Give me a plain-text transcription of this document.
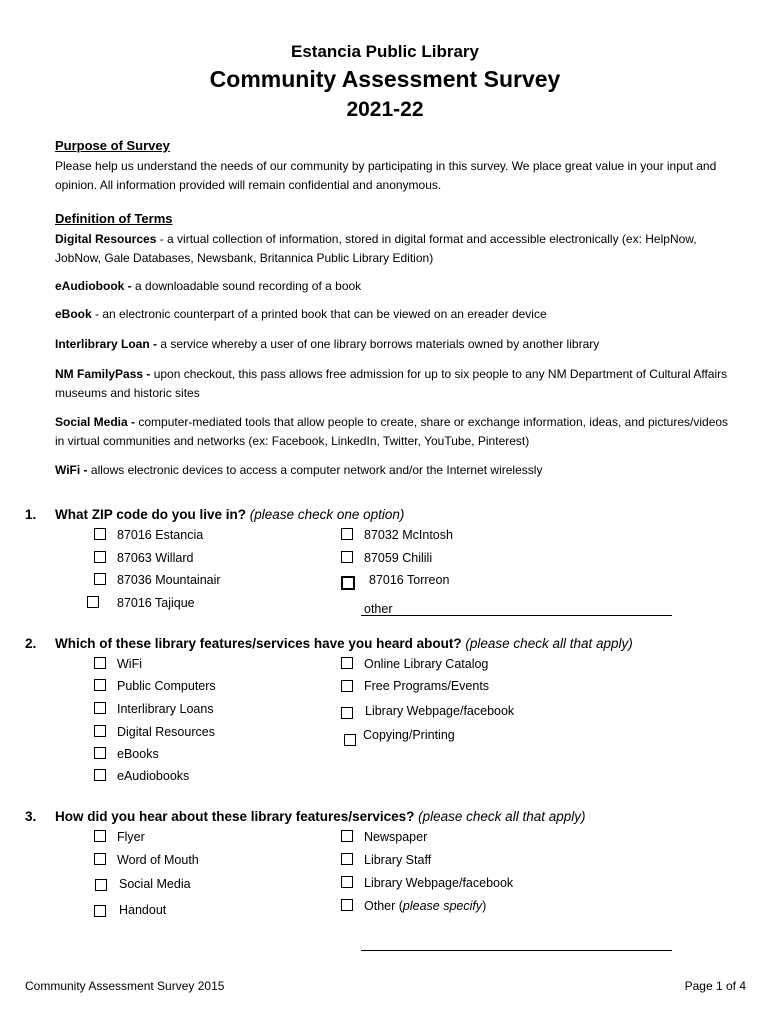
Estancia Public Library
Community Assessment Survey
2021-22
Purpose of Survey
Please help us understand the needs of our community by participating in this survey. We place great value in your input and opinion. All information provided will remain confidential and anonymous.
Definition of Terms
Digital Resources - a virtual collection of information, stored in digital format and accessible electronically (ex: HelpNow, JobNow, Gale Databases, Newsbank, Britannica Public Library Edition)
eAudiobook - a downloadable sound recording of a book
eBook - an electronic counterpart of a printed book that can be viewed on an ereader device
Interlibrary Loan - a service whereby a user of one library borrows materials owned by another library
NM FamilyPass - upon checkout, this pass allows free admission for up to six people to any NM Department of Cultural Affairs museums and historic sites
Social Media - computer-mediated tools that allow people to create, share or exchange information, ideas, and pictures/videos in virtual communities and networks (ex: Facebook, LinkedIn, Twitter, YouTube, Pinterest)
WiFi - allows electronic devices to access a computer network and/or the Internet wirelessly
1. What ZIP code do you live in? (please check one option)
87016 Estancia
87063 Willard
87036 Mountainair
87016 Tajique
87032 McIntosh
87059 Chilili
87016 Torreon
other
2. Which of these library features/services have you heard about? (please check all that apply)
WiFi
Public Computers
Interlibrary Loans
Digital Resources
eBooks
eAudiobooks
Online Library Catalog
Free Programs/Events
Library Webpage/facebook
Copying/Printing
3. How did you hear about these library features/services? (please check all that apply)
Flyer
Word of Mouth
Social Media
Handout
Newspaper
Library Staff
Library Webpage/facebook
Other (please specify)
Community Assessment Survey 2015	Page 1 of 4
